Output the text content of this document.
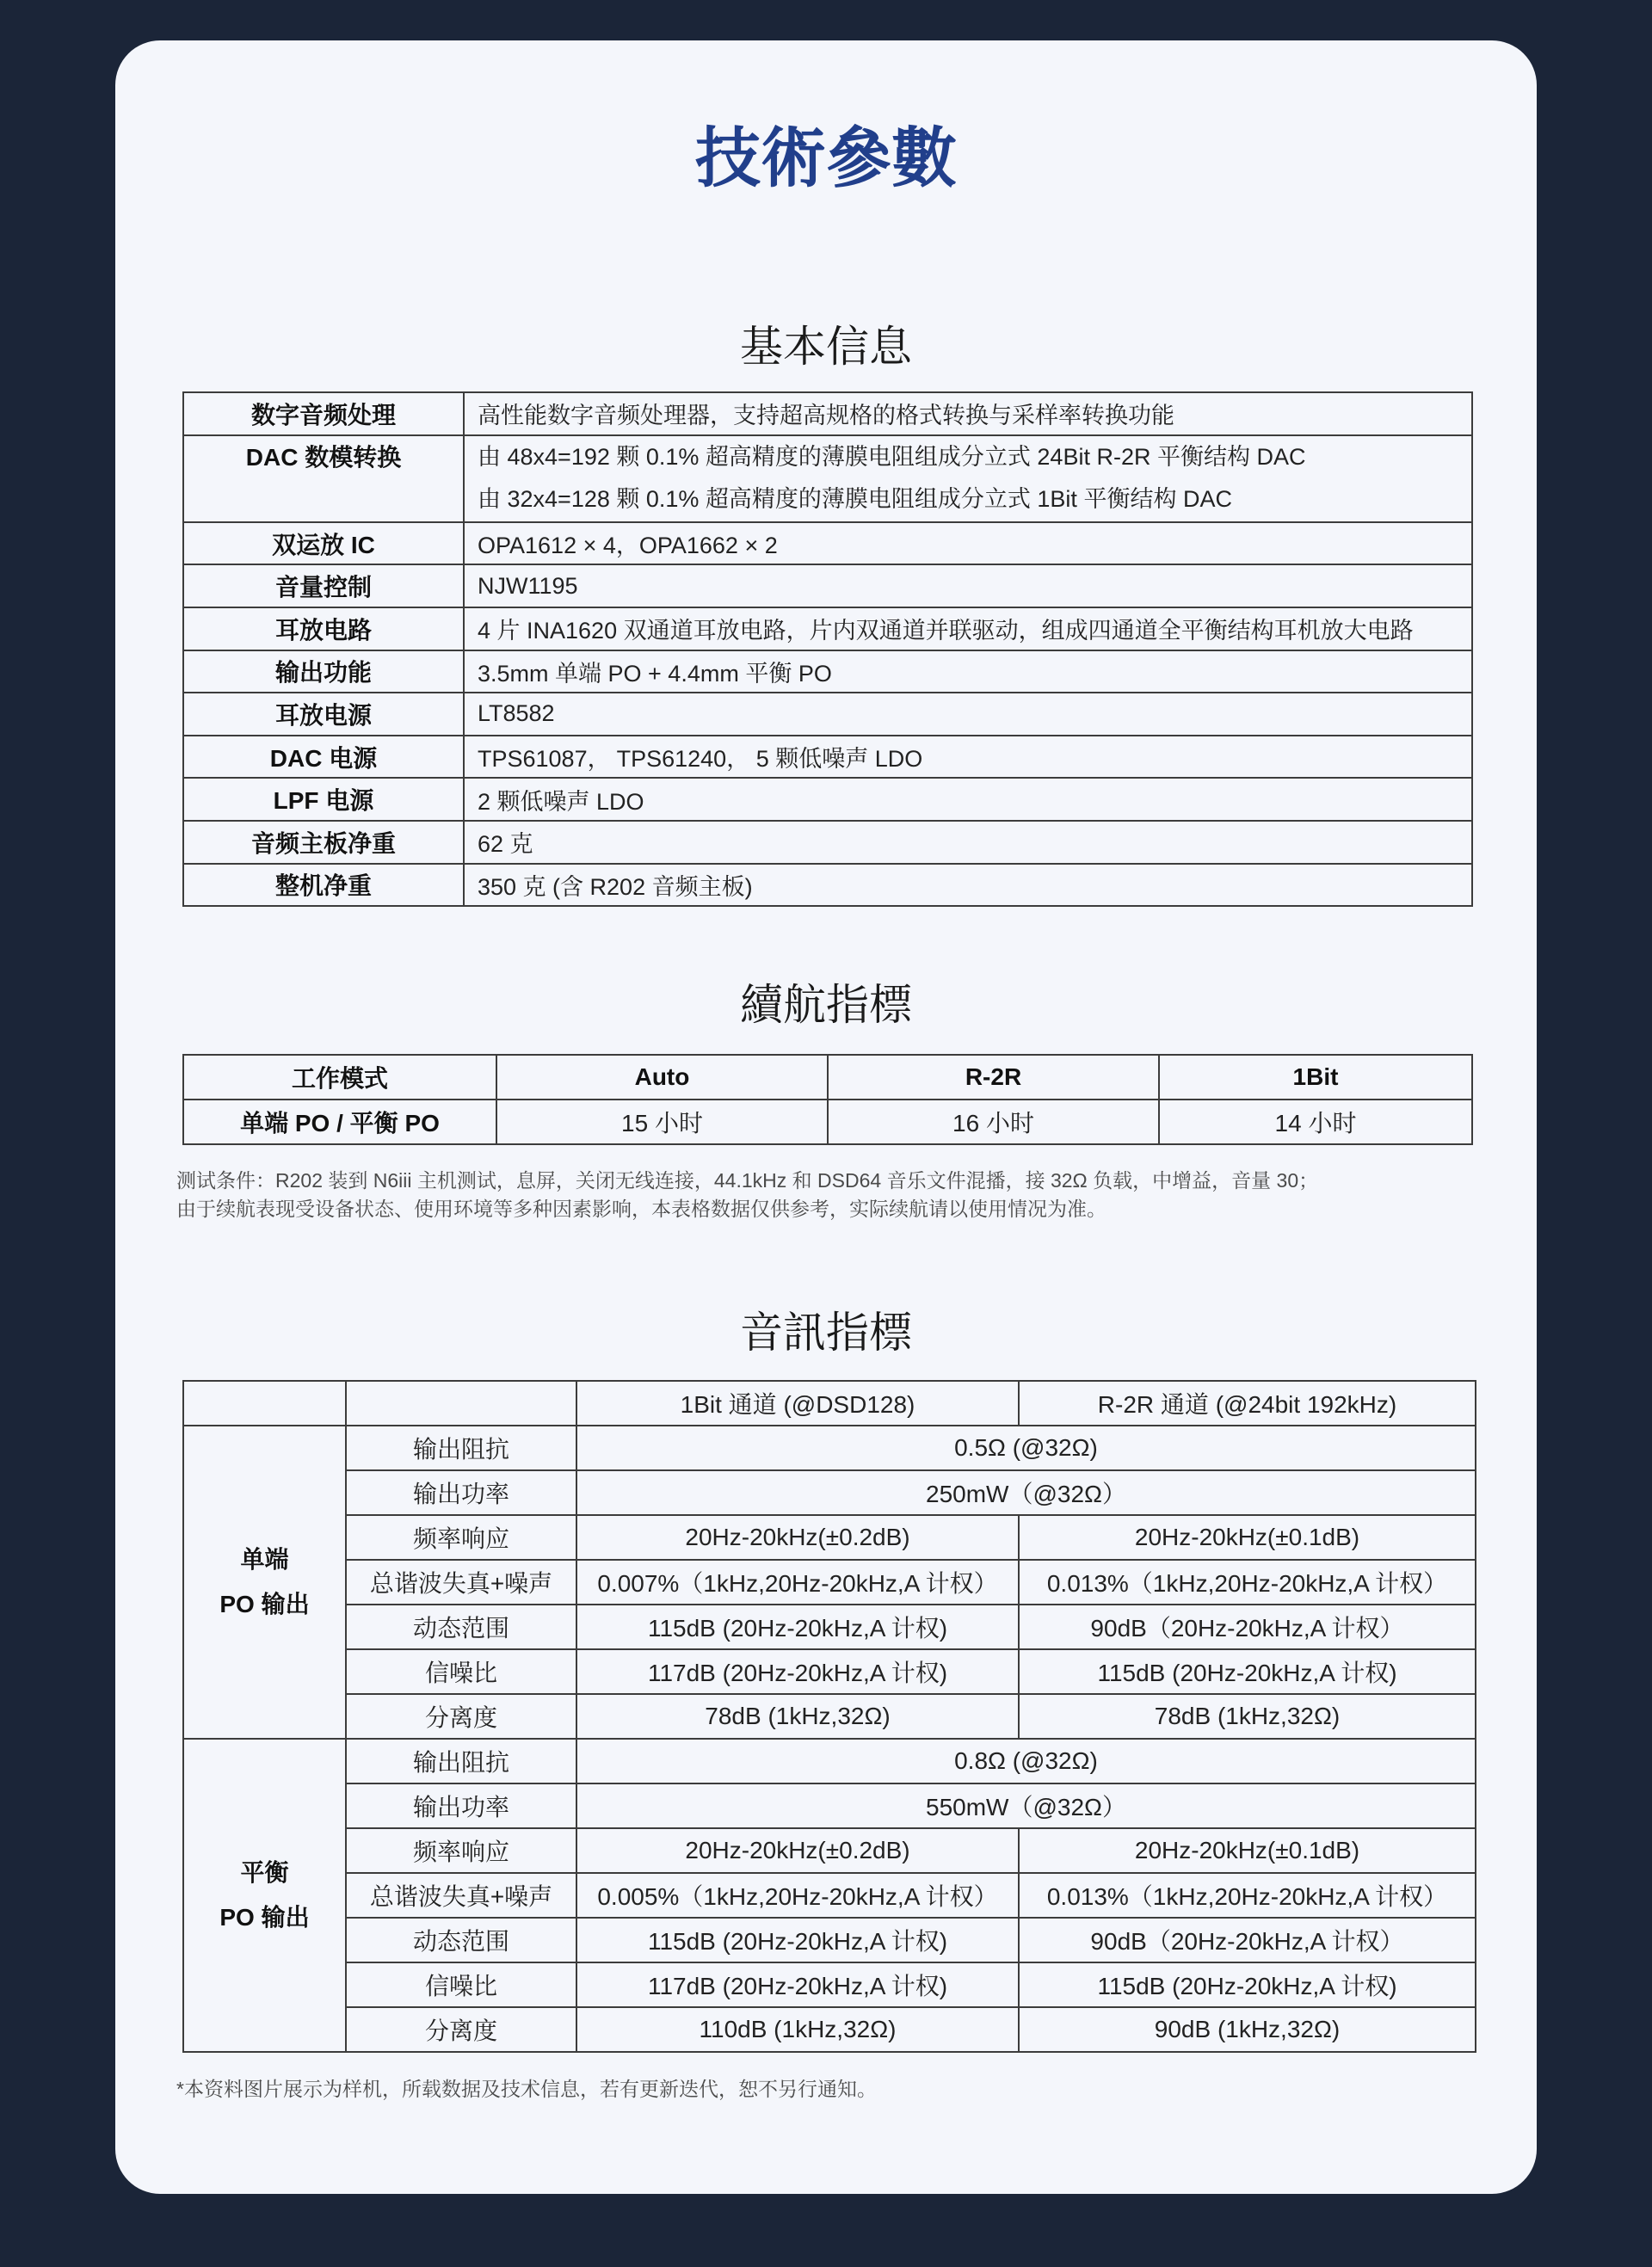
技術參數
基本信息
数字音频处理	高性能数字音频处理器，支持超高规格的格式转换与采样率转换功能
DAC 数模转换	由 48x4=192 颗 0.1% 超高精度的薄膜电阻组成分立式 24Bit R-2R 平衡结构 DAC
由 32x4=128 颗 0.1% 超高精度的薄膜电阻组成分立式 1Bit 平衡结构 DAC

双运放 IC	OPA1612 × 4，OPA1662 × 2
音量控制	NJW1195
耳放电路	4 片 INA1620 双通道耳放电路，片内双通道并联驱动，组成四通道全平衡结构耳机放大电路
输出功能	3.5mm 单端 PO + 4.4mm 平衡 PO
耳放电源	LT8582
DAC 电源	TPS61087， TPS61240， 5 颗低噪声 LDO
LPF 电源	2 颗低噪声 LDO
音频主板净重	62 克
整机净重	350 克 (含 R202 音频主板)
續航指標
工作模式	Auto	R-2R	1Bit
单端 PO / 平衡 PO	15 小时	16 小时	14 小时
测试条件：R202 装到 N6iii 主机测试，息屏，关闭无线连接，44.1kHz 和 DSD64 音乐文件混播，接 32Ω 负载，中增益，音量 30；
由于续航表现受设备状态、使用环境等多种因素影响，本表格数据仅供参考，实际续航请以使用情况为准。
音訊指標
		1Bit 通道 (@DSD128)	R-2R 通道 (@24bit 192kHz)
单端
PO 输出	输出阻抗	0.5Ω (@32Ω)	
	输出功率	250mW（@32Ω）	
	频率响应	20Hz-20kHz(±0.2dB)	20Hz-20kHz(±0.1dB)
	总谐波失真+噪声	0.007%（1kHz,20Hz-20kHz,A 计权）	0.013%（1kHz,20Hz-20kHz,A 计权）
	动态范围	115dB (20Hz-20kHz,A 计权)	90dB（20Hz-20kHz,A 计权）
	信噪比	117dB (20Hz-20kHz,A 计权)	115dB (20Hz-20kHz,A 计权)
	分离度	78dB (1kHz,32Ω)	78dB (1kHz,32Ω)
平衡
PO 输出	输出阻抗	0.8Ω (@32Ω)	
	输出功率	550mW（@32Ω）	
	频率响应	20Hz-20kHz(±0.2dB)	20Hz-20kHz(±0.1dB)
	总谐波失真+噪声	0.005%（1kHz,20Hz-20kHz,A 计权）	0.013%（1kHz,20Hz-20kHz,A 计权）
	动态范围	115dB (20Hz-20kHz,A 计权)	90dB（20Hz-20kHz,A 计权）
	信噪比	117dB (20Hz-20kHz,A 计权)	115dB (20Hz-20kHz,A 计权)
	分离度	110dB (1kHz,32Ω)	90dB (1kHz,32Ω)
*本资料图片展示为样机，所载数据及技术信息，若有更新迭代，恕不另行通知。
